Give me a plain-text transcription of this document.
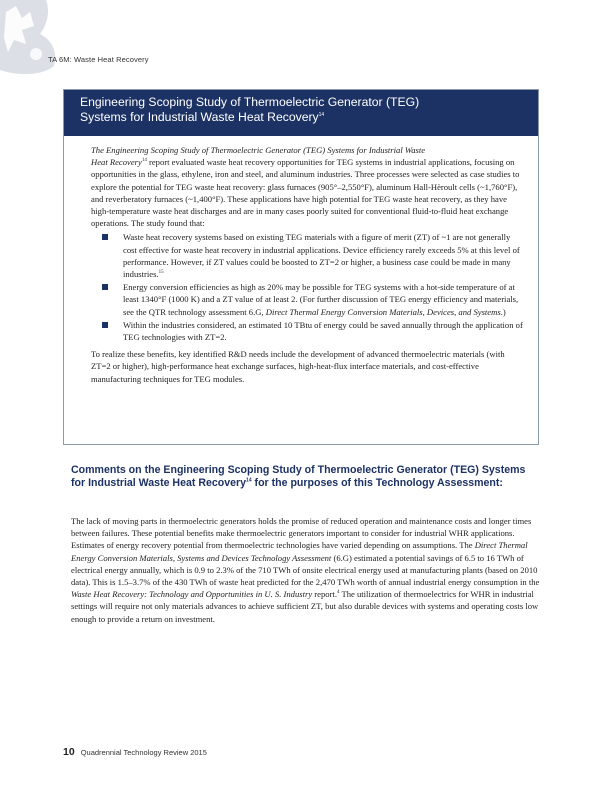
TA 6M: Waste Heat Recovery
Engineering Scoping Study of Thermoelectric Generator (TEG)
Systems for Industrial Waste Heat Recovery$^{14}$

The Engineering Scoping Study of Thermoelectric Generator (TEG) Systems for Industrial Waste
Heat Recovery$^{14}$ report evaluated waste heat recovery opportunities for TEG systems in industrial applications, focusing on opportunities in the glass, ethylene, iron and steel, and aluminum industries. Three processes were selected as case studies to explore the potential for TEG waste heat recovery: glass furnaces (905°–2,550°F), aluminum Hall-Hèroult cells (~1,760°F), and reverberatory furnaces (~1,400°F). These applications have high potential for TEG waste heat recovery, as they have high-temperature waste heat discharges and are in many cases poorly suited for conventional fluid-to-fluid heat exchange operations. The study found that:

Waste heat recovery systems based on existing TEG materials with a figure of merit (ZT) of ~1 are not generally cost effective for waste heat recovery in industrial applications. Device efficiency rarely exceeds 5% at this level of performance. However, if ZT values could be boosted to ZT=2 or higher, a business case could be made in many industries.$^{15}$
Energy conversion efficiencies as high as 20% may be possible for TEG systems with a hot-side temperature of at least 1340°F (1000 K) and a ZT value of at least 2. (For further discussion of TEG energy efficiency and materials, see the QTR technology assessment 6.G, Direct Thermal Energy Conversion Materials, Devices, and Systems.)
Within the industries considered, an estimated 10 TBtu of energy could be saved annually through the application of TEG technologies with ZT=2.

To realize these benefits, key identified R&D needs include the development of advanced thermoelectric materials (with ZT=2 or higher), high-performance heat exchange surfaces, high-heat-flux interface materials, and cost-effective manufacturing techniques for TEG modules.

Comments on the Engineering Scoping Study of Thermoelectric Generator (TEG) Systems for Industrial Waste Heat Recovery$^{14}$ for the purposes of this Technology Assessment:

The lack of moving parts in thermoelectric generators holds the promise of reduced operation and maintenance costs and longer times between failures. These potential benefits make thermoelectric generators important to consider for industrial WHR applications. Estimates of energy recovery potential from thermoelectric technologies have varied depending on assumptions. The Direct Thermal Energy Conversion Materials, Systems and Devices Technology Assessment (6.G) estimated a potential savings of 6.5 to 16 TWh of electrical energy annually, which is 0.9 to 2.3% of the 710 TWh of onsite electrical energy used at manufacturing plants (based on 2010 data). This is 1.5–3.7% of the 430 TWh of waste heat predicted for the 2,470 TWh worth of annual industrial energy consumption in the Waste Heat Recovery: Technology and Opportunities in U. S. Industry report.$^4$ The utilization of thermoelectrics for WHR in industrial settings will require not only materials advances to achieve sufficient ZT, but also durable devices with systems and operating costs low enough to provide a return on investment.

10 Quadrennial Technology Review 2015
